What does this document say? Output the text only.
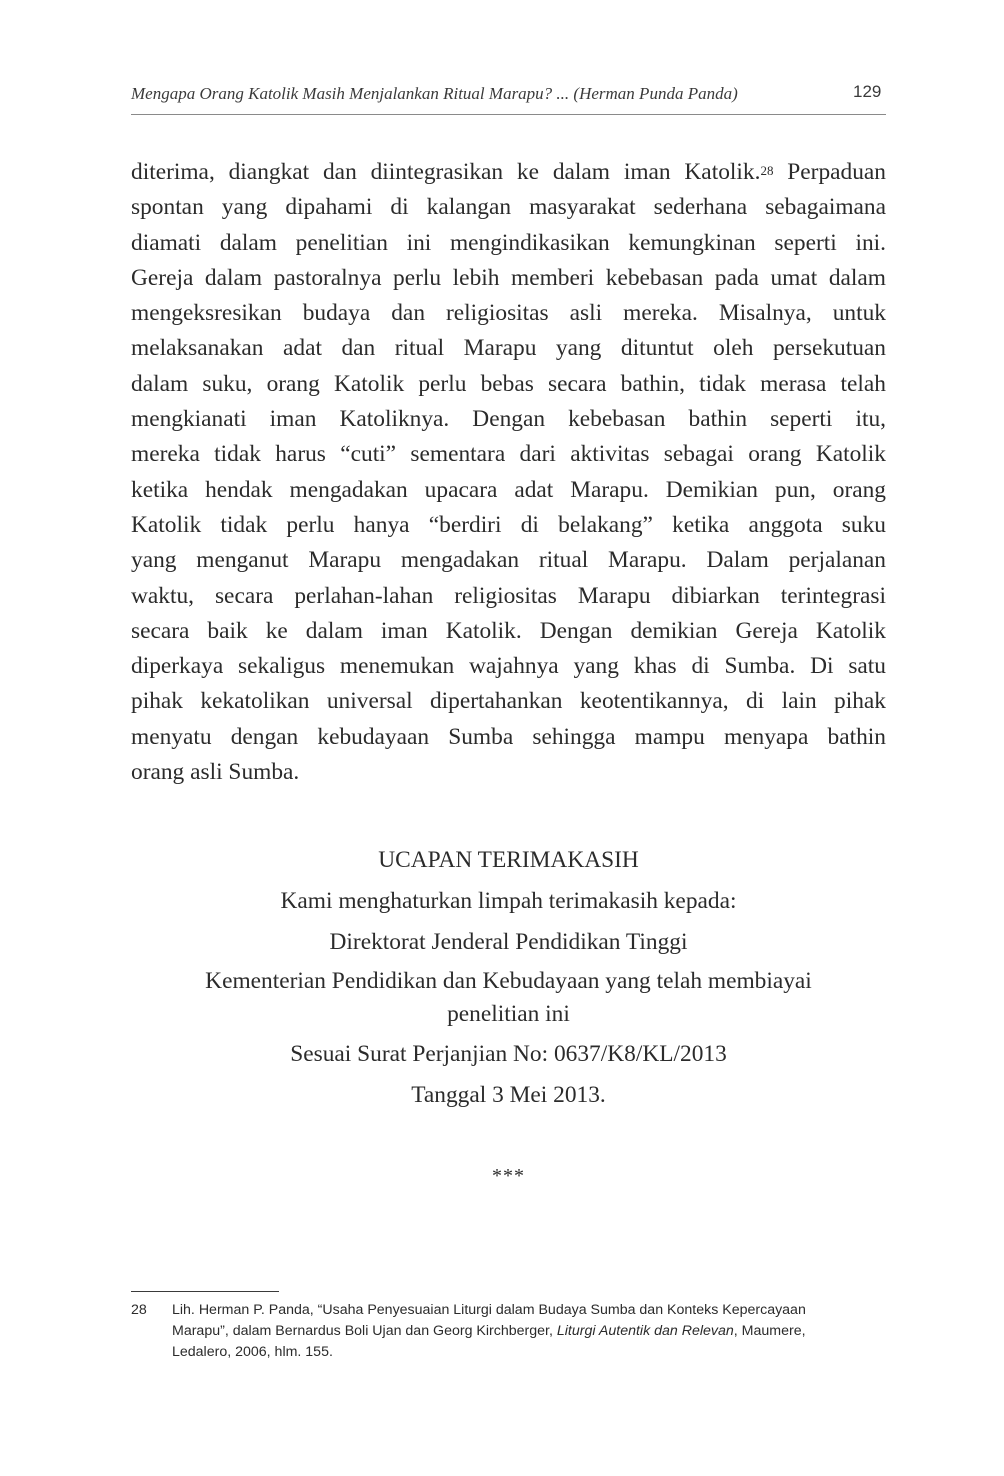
Mengapa Orang Katolik Masih Menjalankan Ritual Marapu? ... (Herman Punda Panda)	129
diterima, diangkat dan diintegrasikan ke dalam iman Katolik.$^{28}$ Perpaduan
spontan yang dipahami di kalangan masyarakat sederhana sebagaimana
diamati dalam penelitian ini mengindikasikan kemungkinan seperti ini.
Gereja dalam pastoralnya perlu lebih memberi kebebasan pada umat dalam
mengeksresikan budaya dan religiositas asli mereka. Misalnya, untuk
melaksanakan adat dan ritual Marapu yang dituntut oleh persekutuan
dalam suku, orang Katolik perlu bebas secara bathin, tidak merasa telah
mengkianati iman Katoliknya. Dengan kebebasan bathin seperti itu,
mereka tidak harus “cuti” sementara dari aktivitas sebagai orang Katolik
ketika hendak mengadakan upacara adat Marapu. Demikian pun, orang
Katolik tidak perlu hanya “berdiri di belakang” ketika anggota suku
yang menganut Marapu mengadakan ritual Marapu. Dalam perjalanan
waktu, secara perlahan-lahan religiositas Marapu dibiarkan terintegrasi
secara baik ke dalam iman Katolik. Dengan demikian Gereja Katolik
diperkaya sekaligus menemukan wajahnya yang khas di Sumba. Di satu
pihak kekatolikan universal dipertahankan keotentikannya, di lain pihak
menyatu dengan kebudayaan Sumba sehingga mampu menyapa bathin
orang asli Sumba.
UCAPAN TERIMAKASIH
Kami menghaturkan limpah terimakasih kepada:
Direktorat Jenderal Pendidikan Tinggi
Kementerian Pendidikan dan Kebudayaan yang telah membiayai
penelitian ini
Sesuai Surat Perjanjian No: 0637/K8/KL/2013
Tanggal 3 Mei 2013.
***
28 Lih. Herman P. Panda, “Usaha Penyesuaian Liturgi dalam Budaya Sumba dan Konteks Kepercayaan
Marapu”, dalam Bernardus Boli Ujan dan Georg Kirchberger, Liturgi Autentik dan Relevan, Maumere,
Ledalero, 2006, hlm. 155.
